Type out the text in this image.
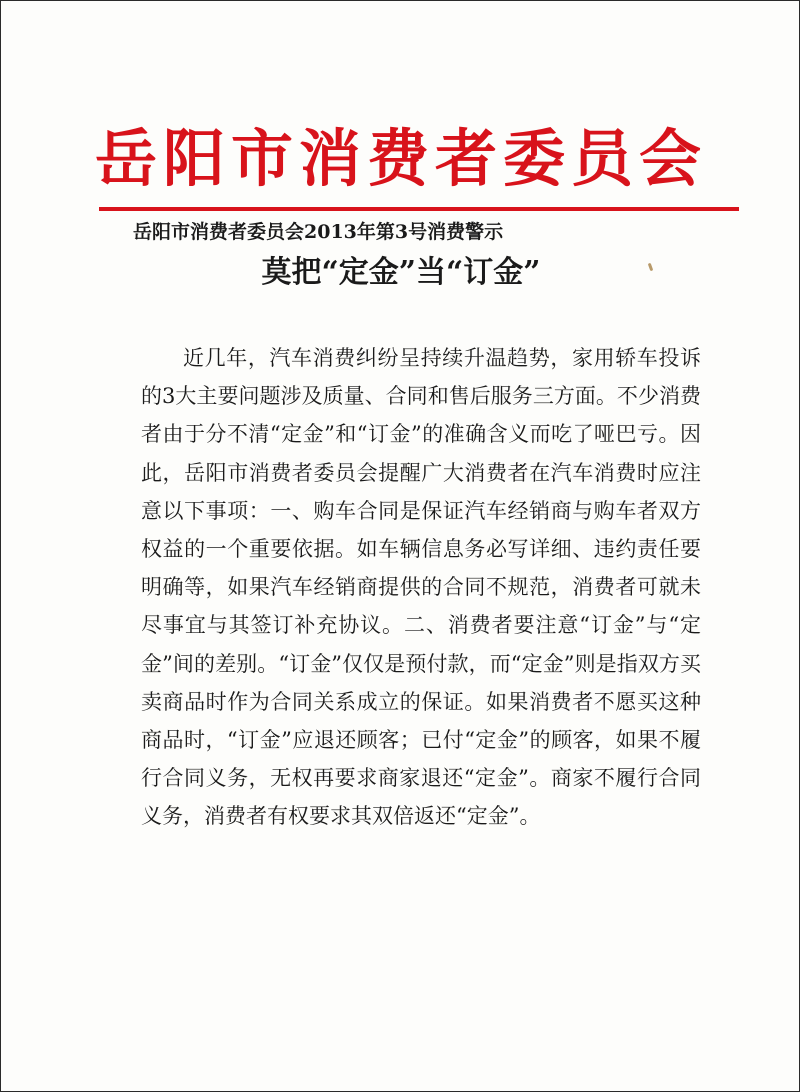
岳阳市消费者委员会
岳阳市消费者委员会2013年第3号消费警示
莫把“定金”当“订金”

近几年，汽车消费纠纷呈持续升温趋势，家用轿车投诉的3大主要问题涉及质量、合同和售后服务三方面。不少消费者由于分不清“定金”和“订金”的准确含义而吃了哑巴亏。因此，岳阳市消费者委员会提醒广大消费者在汽车消费时应注意以下事项：一、购车合同是保证汽车经销商与购车者双方权益的一个重要依据。如车辆信息务必写详细、违约责任要明确等，如果汽车经销商提供的合同不规范，消费者可就未尽事宜与其签订补充协议。二、消费者要注意“订金”与“定金”间的差别。“订金”仅仅是预付款，而“定金”则是指双方买卖商品时作为合同关系成立的保证。如果消费者不愿买这种商品时，“订金”应退还顾客；已付“定金”的顾客，如果不履行合同义务，无权再要求商家退还“定金”。商家不履行合同义务，消费者有权要求其双倍返还“定金”。
